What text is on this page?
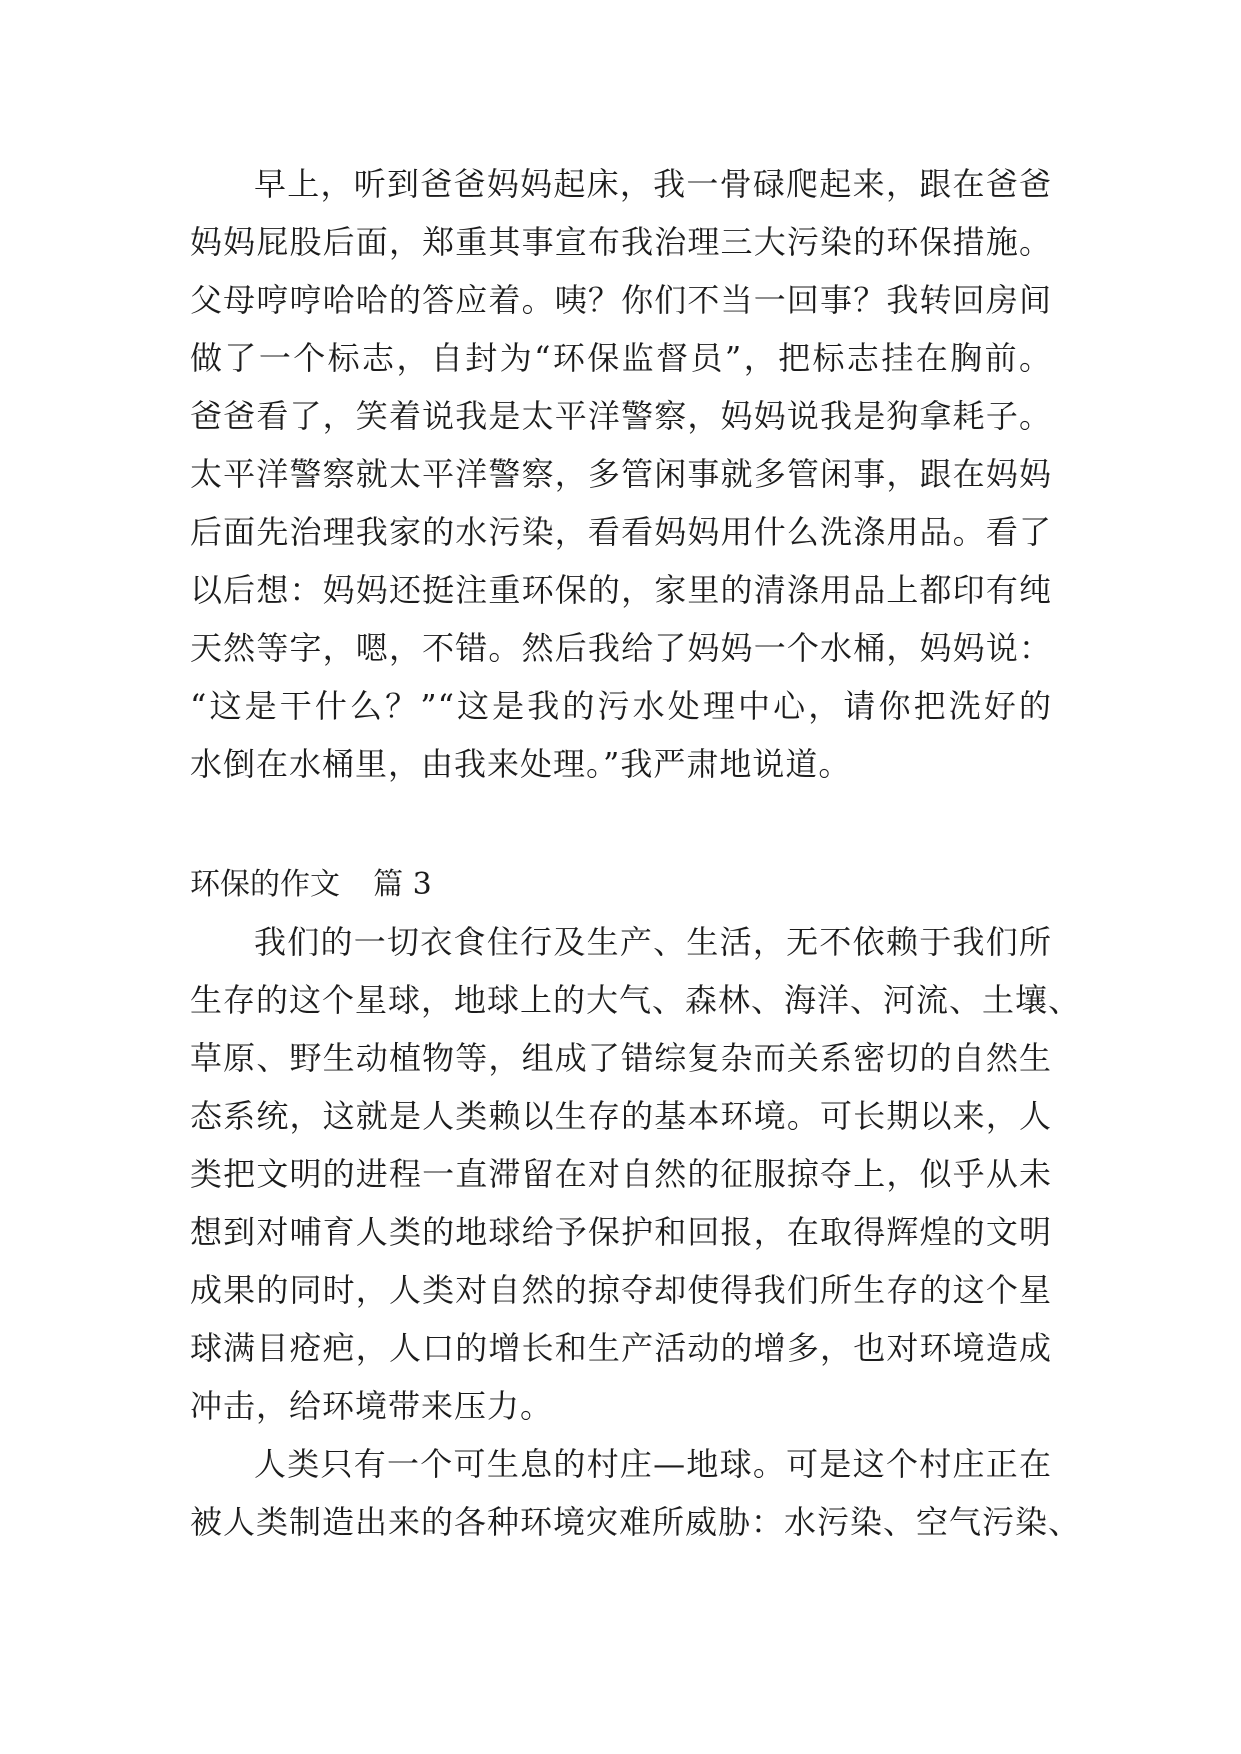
早上，听到爸爸妈妈起床，我一骨碌爬起来，跟在爸爸
妈妈屁股后面，郑重其事宣布我治理三大污染的环保措施。
父母哼哼哈哈的答应着。咦？你们不当一回事？我转回房间
做了一个标志，自封为“环保监督员”，把标志挂在胸前。
爸爸看了，笑着说我是太平洋警察，妈妈说我是狗拿耗子。
太平洋警察就太平洋警察，多管闲事就多管闲事，跟在妈妈
后面先治理我家的水污染，看看妈妈用什么洗涤用品。看了
以后想：妈妈还挺注重环保的，家里的清涤用品上都印有纯
天然等字，嗯，不错。然后我给了妈妈一个水桶，妈妈说：
“这是干什么？”“这是我的污水处理中心，请你把洗好的
水倒在水桶里，由我来处理。”我严肃地说道。
环保的作文 篇 3
我们的一切衣食住行及生产、生活，无不依赖于我们所
生存的这个星球，地球上的大气、森林、海洋、河流、土壤、
草原、野生动植物等，组成了错综复杂而关系密切的自然生
态系统，这就是人类赖以生存的基本环境。可长期以来，人
类把文明的进程一直滞留在对自然的征服掠夺上，似乎从未
想到对哺育人类的地球给予保护和回报，在取得辉煌的文明
成果的同时，人类对自然的掠夺却使得我们所生存的这个星
球满目疮疤，人口的增长和生产活动的增多，也对环境造成
冲击，给环境带来压力。
人类只有一个可生息的村庄—地球。可是这个村庄正在
被人类制造出来的各种环境灾难所威胁：水污染、空气污染、
